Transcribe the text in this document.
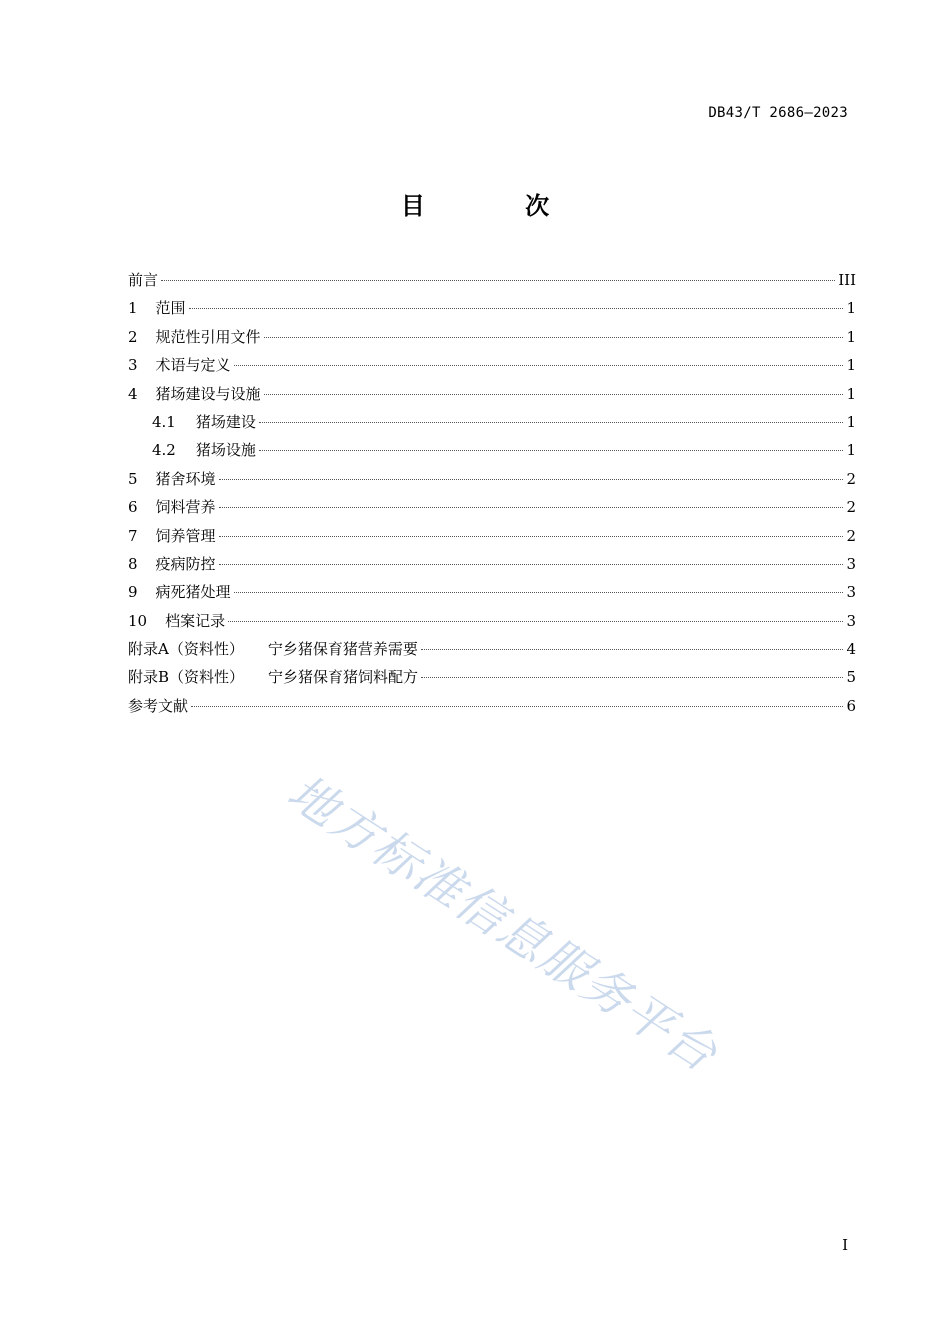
DB43/T 2686—2023
目 次
前言	III
1 范围	1
2 规范性引用文件	1
3 术语与定义	1
4 猪场建设与设施	1
4.1 猪场建设	1
4.2 猪场设施	1
5 猪舍环境	2
6 饲料营养	2
7 饲养管理	2
8 疫病防控	3
9 病死猪处理	3
10 档案记录	3
附录A（资料性） 宁乡猪保育猪营养需要	4
附录B（资料性） 宁乡猪保育猪饲料配方	5
参考文献	6
地方标准信息服务平台
I
